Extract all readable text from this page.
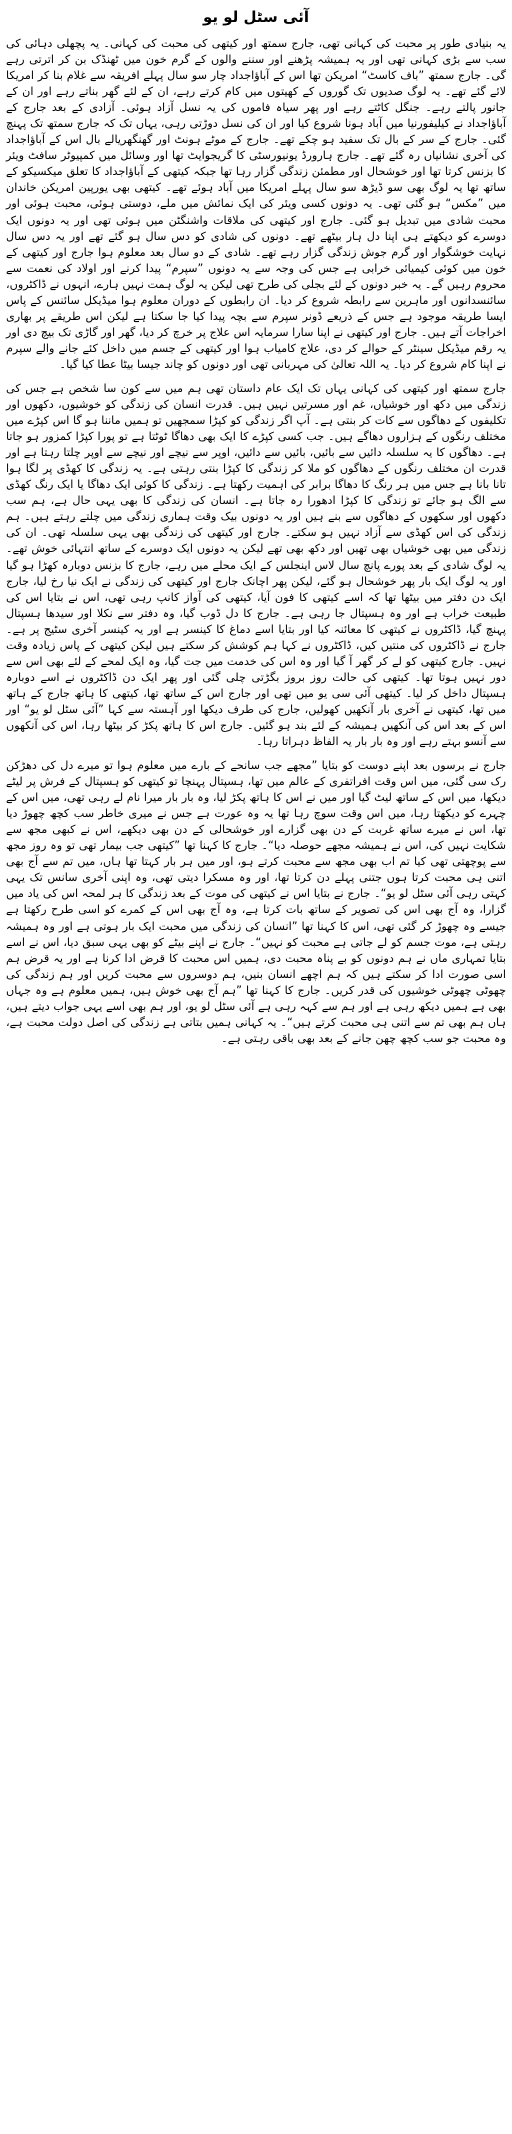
آئی سٹل لو یو

یہ بنیادی طور پر محبت کی کہانی تھی، جارج سمتھ اور کیتھی کی محبت کی کہانی۔ یہ پچھلی دہائی کی سب سے بڑی کہانی تھی اور یہ ہمیشہ پڑھنے اور سننے والوں کے گرم خون میں ٹھنڈک بن کر اترتی رہے گی۔ جارج سمتھ ”باف کاسٹ“ امریکن تھا اس کے آباؤاجداد چار سو سال پہلے افریقہ سے غلام بنا کر امریکا لائے گئے تھے۔ یہ لوگ صدیوں تک گوروں کے کھیتوں میں کام کرتے رہے، ان کے لئے گھر بناتے رہے اور ان کے جانور پالتے رہے۔ جنگل کاٹتے رہے اور پھر سیاہ فاموں کی یہ نسل آزاد ہوئی۔ آزادی کے بعد جارج کے آباؤاجداد نے کیلیفورنیا میں آباد ہونا شروع کیا اور ان کی نسل دوڑتی رہی، یہاں تک کہ جارج سمتھ تک پہنچ گئی۔ جارج کے سر کے بال تک سفید ہو چکے تھے۔ جارج کے موٹے ہونٹ اور گھنگھریالے بال اس کے آباؤاجداد کی آخری نشانیاں رہ گئے تھے۔ جارج ہارورڈ یونیورسٹی کا گریجوایٹ تھا اور وسائل میں کمپیوٹر سافٹ ویئر کا بزنس کرتا تھا اور خوشحال اور مطمئن زندگی گزار رہا تھا جبکہ کیتھی کے آباؤاجداد کا تعلق میکسیکو کے ساتھ تھا یہ لوگ بھی سو ڈیڑھ سو سال پہلے امریکا میں آباد ہوئے تھے۔ کیتھی بھی یورپین امریکن خاندان میں ”مکس“ ہو گئی تھی۔ یہ دونوں کسی ویئر کی ایک نمائش میں ملے، دوستی ہوئی، محبت ہوئی اور محبت شادی میں تبدیل ہو گئی۔ جارج اور کیتھی کی ملاقات واشنگٹن میں ہوئی تھی اور یہ دونوں ایک دوسرے کو دیکھتے ہی اپنا دل ہار بیٹھے تھے۔ دونوں کی شادی کو دس سال ہو گئے تھے اور یہ دس سال نہایت خوشگوار اور گرم جوش زندگی گزار رہے تھے۔ شادی کے دو سال بعد معلوم ہوا جارج اور کیتھی کے خون میں کوئی کیمیائی خرابی ہے جس کی وجہ سے یہ دونوں ”سپرم“ پیدا کرنے اور اولاد کی نعمت سے محروم رہیں گے۔ یہ خبر دونوں کے لئے بجلی کی طرح تھی لیکن یہ لوگ ہمت نہیں ہارے، انہوں نے ڈاکٹروں، سائنسدانوں اور ماہرین سے رابطہ شروع کر دیا۔ ان رابطوں کے دوران معلوم ہوا میڈیکل سائنس کے پاس ایسا طریقہ موجود ہے جس کے ذریعے ڈونر سپرم سے بچہ پیدا کیا جا سکتا ہے لیکن اس طریقے پر بھاری اخراجات آتے ہیں۔ جارج اور کیتھی نے اپنا سارا سرمایہ اس علاج پر خرچ کر دیا، گھر اور گاڑی تک بیچ دی اور یہ رقم میڈیکل سینٹر کے حوالے کر دی، علاج کامیاب ہوا اور کیتھی کے جسم میں داخل کئے جانے والے سپرم نے اپنا کام شروع کر دیا۔ یہ اللہ تعالیٰ کی مہربانی تھی اور دونوں کو چاند جیسا بیٹا عطا کیا گیا۔

جارج سمتھ اور کیتھی کی کہانی یہاں تک ایک عام داستان تھی ہم میں سے کون سا شخص ہے جس کی زندگی میں دکھ اور خوشیاں، غم اور مسرتیں نہیں ہیں۔ قدرت انسان کی زندگی کو خوشیوں، دکھوں اور تکلیفوں کے دھاگوں سے کات کر بنتی ہے۔ آپ اگر زندگی کو کپڑا سمجھیں تو ہمیں ماننا ہو گا اس کپڑے میں مختلف رنگوں کے ہزاروں دھاگے ہیں۔ جب کسی کپڑے کا ایک بھی دھاگا ٹوٹتا ہے تو پورا کپڑا کمزور ہو جاتا ہے۔ دھاگوں کا یہ سلسلہ دائیں سے بائیں، بائیں سے دائیں، اوپر سے نیچے اور نیچے سے اوپر چلتا رہتا ہے اور قدرت ان مختلف رنگوں کے دھاگوں کو ملا کر زندگی کا کپڑا بنتی رہتی ہے۔ یہ زندگی کا کھڈی پر لگا ہوا تانا بانا ہے جس میں ہر رنگ کا دھاگا برابر کی اہمیت رکھتا ہے۔ زندگی کا کوئی ایک دھاگا یا ایک رنگ کھڈی سے الگ ہو جائے تو زندگی کا کپڑا ادھورا رہ جاتا ہے۔ انسان کی زندگی کا بھی یہی حال ہے، ہم سب دکھوں اور سکھوں کے دھاگوں سے بنے ہیں اور یہ دونوں بیک وقت ہماری زندگی میں چلتے رہتے ہیں۔ ہم زندگی کی اس کھڈی سے آزاد نہیں ہو سکتے۔ جارج اور کیتھی کی زندگی بھی یہی سلسلہ تھی۔ ان کی زندگی میں بھی خوشیاں بھی تھیں اور دکھ بھی تھے لیکن یہ دونوں ایک دوسرے کے ساتھ انتہائی خوش تھے۔ یہ لوگ شادی کے بعد پورے پانچ سال لاس اینجلس کے ایک محلے میں رہے، جارج کا بزنس دوبارہ کھڑا ہو گیا اور یہ لوگ ایک بار پھر خوشحال ہو گئے، لیکن پھر اچانک جارج اور کیتھی کی زندگی نے ایک نیا رخ لیا، جارج ایک دن دفتر میں بیٹھا تھا کہ اسے کیتھی کا فون آیا، کیتھی کی آواز کانپ رہی تھی، اس نے بتایا اس کی طبیعت خراب ہے اور وہ ہسپتال جا رہی ہے۔ جارج کا دل ڈوب گیا، وہ دفتر سے نکلا اور سیدھا ہسپتال پہنچ گیا، ڈاکٹروں نے کیتھی کا معائنہ کیا اور بتایا اسے دماغ کا کینسر ہے اور یہ کینسر آخری سٹیج پر ہے۔ جارج نے ڈاکٹروں کی منتیں کیں، ڈاکٹروں نے کہا ہم کوشش کر سکتے ہیں لیکن کیتھی کے پاس زیادہ وقت نہیں۔ جارج کیتھی کو لے کر گھر آ گیا اور وہ اس کی خدمت میں جت گیا، وہ ایک لمحے کے لئے بھی اس سے دور نہیں ہوتا تھا۔ کیتھی کی حالت روز بروز بگڑتی چلی گئی اور پھر ایک دن ڈاکٹروں نے اسے دوبارہ ہسپتال داخل کر لیا۔ کیتھی آئی سی یو میں تھی اور جارج اس کے ساتھ تھا، کیتھی کا ہاتھ جارج کے ہاتھ میں تھا، کیتھی نے آخری بار آنکھیں کھولیں، جارج کی طرف دیکھا اور آہستہ سے کہا ”آئی سٹل لو یو“ اور اس کے بعد اس کی آنکھیں ہمیشہ کے لئے بند ہو گئیں۔ جارج اس کا ہاتھ پکڑ کر بیٹھا رہا، اس کی آنکھوں سے آنسو بہتے رہے اور وہ بار بار یہ الفاظ دہراتا رہا۔

جارج نے برسوں بعد اپنے دوست کو بتایا ”مجھے جب سانحے کے بارے میں معلوم ہوا تو میرے دل کی دھڑکن رک سی گئی، میں اس وقت افراتفری کے عالم میں تھا، ہسپتال پہنچا تو کیتھی کو ہسپتال کے فرش پر لیٹے دیکھا، میں اس کے ساتھ لیٹ گیا اور میں نے اس کا ہاتھ پکڑ لیا، وہ بار بار میرا نام لے رہی تھی، میں اس کے چہرے کو دیکھتا رہا، میں اس وقت سوچ رہا تھا یہ وہ عورت ہے جس نے میری خاطر سب کچھ چھوڑ دیا تھا، اس نے میرے ساتھ غربت کے دن بھی گزارے اور خوشحالی کے دن بھی دیکھے، اس نے کبھی مجھ سے شکایت نہیں کی، اس نے ہمیشہ مجھے حوصلہ دیا“۔ جارج کا کہنا تھا ”کیتھی جب بیمار تھی تو وہ روز مجھ سے پوچھتی تھی کیا تم اب بھی مجھ سے محبت کرتے ہو، اور میں ہر بار کہتا تھا ہاں، میں تم سے آج بھی اتنی ہی محبت کرتا ہوں جتنی پہلے دن کرتا تھا، اور وہ مسکرا دیتی تھی، وہ اپنی آخری سانس تک یہی کہتی رہی آئی سٹل لو یو“۔ جارج نے بتایا اس نے کیتھی کی موت کے بعد زندگی کا ہر لمحہ اس کی یاد میں گزارا، وہ آج بھی اس کی تصویر کے ساتھ بات کرتا ہے، وہ آج بھی اس کے کمرے کو اسی طرح رکھتا ہے جیسے وہ چھوڑ کر گئی تھی، اس کا کہنا تھا ”انسان کی زندگی میں محبت ایک بار ہوتی ہے اور وہ ہمیشہ رہتی ہے، موت جسم کو لے جاتی ہے محبت کو نہیں“۔ جارج نے اپنے بیٹے کو بھی یہی سبق دیا، اس نے اسے بتایا تمہاری ماں نے ہم دونوں کو بے پناہ محبت دی، ہمیں اس محبت کا قرض ادا کرنا ہے اور یہ قرض ہم اسی صورت ادا کر سکتے ہیں کہ ہم اچھے انسان بنیں، ہم دوسروں سے محبت کریں اور ہم زندگی کی چھوٹی چھوٹی خوشیوں کی قدر کریں۔ جارج کا کہنا تھا ”ہم آج بھی خوش ہیں، ہمیں معلوم ہے وہ جہاں بھی ہے ہمیں دیکھ رہی ہے اور ہم سے کہہ رہی ہے آئی سٹل لو یو، اور ہم بھی اسے یہی جواب دیتے ہیں، ہاں ہم بھی تم سے اتنی ہی محبت کرتے ہیں“۔ یہ کہانی ہمیں بتاتی ہے زندگی کی اصل دولت محبت ہے، وہ محبت جو سب کچھ چھن جانے کے بعد بھی باقی رہتی ہے۔
